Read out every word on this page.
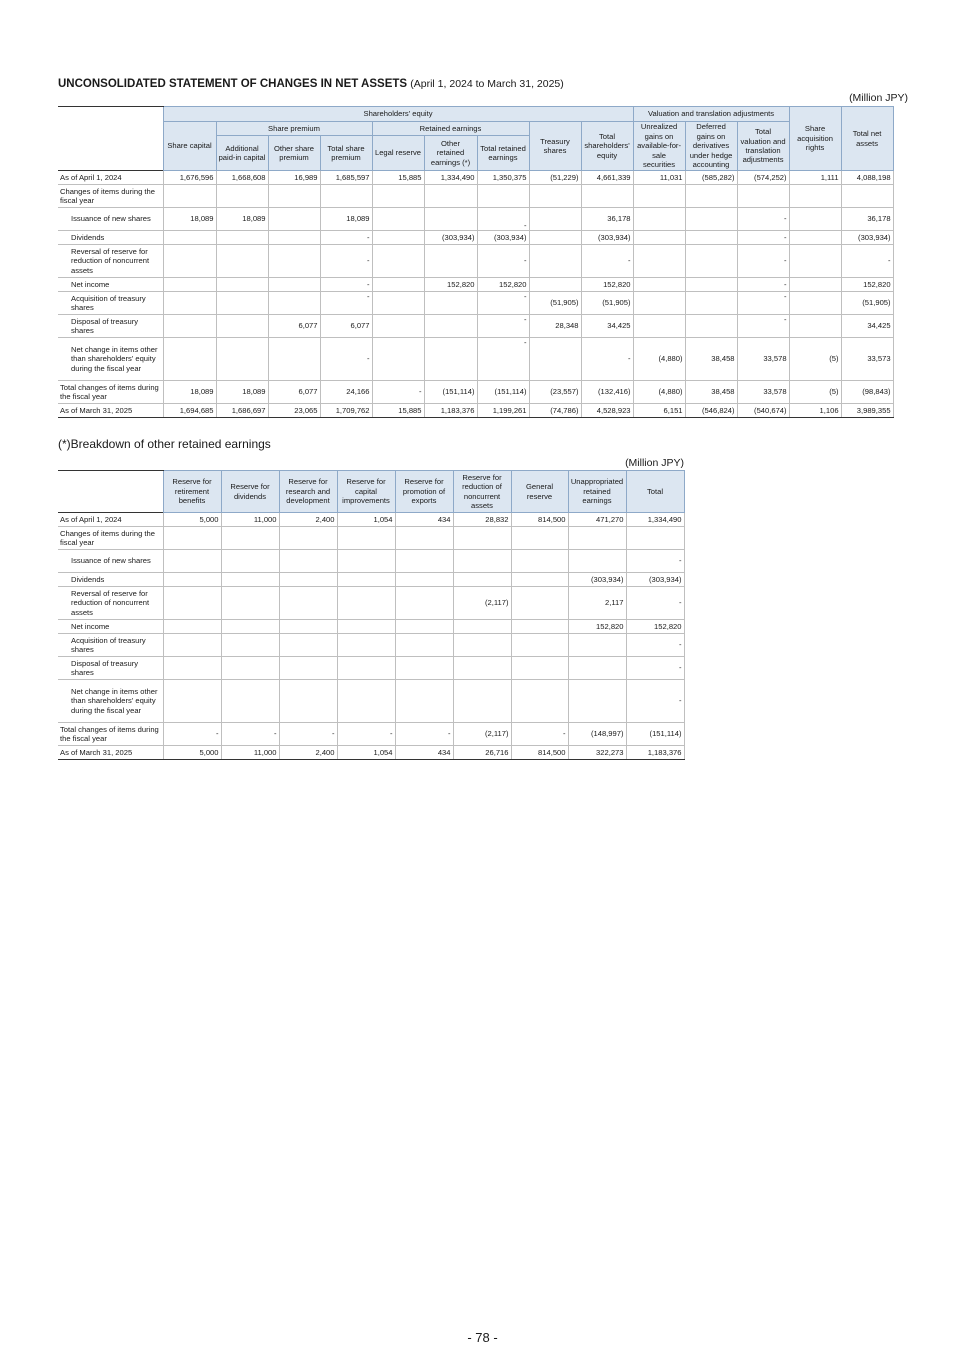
UNCONSOLIDATED STATEMENT OF CHANGES IN NET ASSETS (April 1, 2024 to March 31, 2025)
(Million JPY)
	Shareholders' equity									Valuation and translation adjustments			Share acquisition rights	Total net assets
	Share capital	Share premium			Retained earnings			Treasury shares	Total shareholders' equity	Unrealized gains on available-for-sale securities	Deferred gains on derivatives under hedge accounting	Total valuation and translation adjustments		
		Additional paid-in capital	Other share premium	Total share premium	Legal reserve	Other retained earnings (*)	Total retained earnings							
As of April 1, 2024	1,676,596	1,668,608	16,989	1,685,597	15,885	1,334,490	1,350,375	(51,229)	4,661,339	11,031	(585,282)	(574,252)	1,111	4,088,198
Changes of items during the fiscal year														
Issuance of new shares	18,089	18,089		18,089			-		36,178			-		36,178
Dividends				-		(303,934)	(303,934)		(303,934)			-		(303,934)
Reversal of reserve for reduction of noncurrent assets				-			-		-			-		-
Net income				-		152,820	152,820		152,820			-		152,820
Acquisition of treasury shares				-			-	(51,905)	(51,905)			-		(51,905)
Disposal of treasury shares			6,077	6,077			-	28,348	34,425			-		34,425
Net change in items other than shareholders' equity during the fiscal year				-			-		-	(4,880)	38,458	33,578	(5)	33,573
Total changes of items during the fiscal year	18,089	18,089	6,077	24,166	-	(151,114)	(151,114)	(23,557)	(132,416)	(4,880)	38,458	33,578	(5)	(98,843)
As of March 31, 2025	1,694,685	1,686,697	23,065	1,709,762	15,885	1,183,376	1,199,261	(74,786)	4,528,923	6,151	(546,824)	(540,674)	1,106	3,989,355
(*)Breakdown of other retained earnings
(Million JPY)
	Reserve for retirement benefits	Reserve for dividends	Reserve for research and development	Reserve for capital improvements	Reserve for promotion of exports	Reserve for reduction of noncurrent assets	General reserve	Unappropriated retained earnings	Total
As of April 1, 2024	5,000	11,000	2,400	1,054	434	28,832	814,500	471,270	1,334,490
Changes of items during the fiscal year									
Issuance of new shares									-
Dividends								(303,934)	(303,934)
Reversal of reserve for reduction of noncurrent assets						(2,117)		2,117	-
Net income								152,820	152,820
Acquisition of treasury shares									-
Disposal of treasury shares									-
Net change in items other than shareholders' equity during the fiscal year									-
Total changes of items during the fiscal year	-	-	-	-	-	(2,117)	-	(148,997)	(151,114)
As of March 31, 2025	5,000	11,000	2,400	1,054	434	26,716	814,500	322,273	1,183,376
- 78 -
